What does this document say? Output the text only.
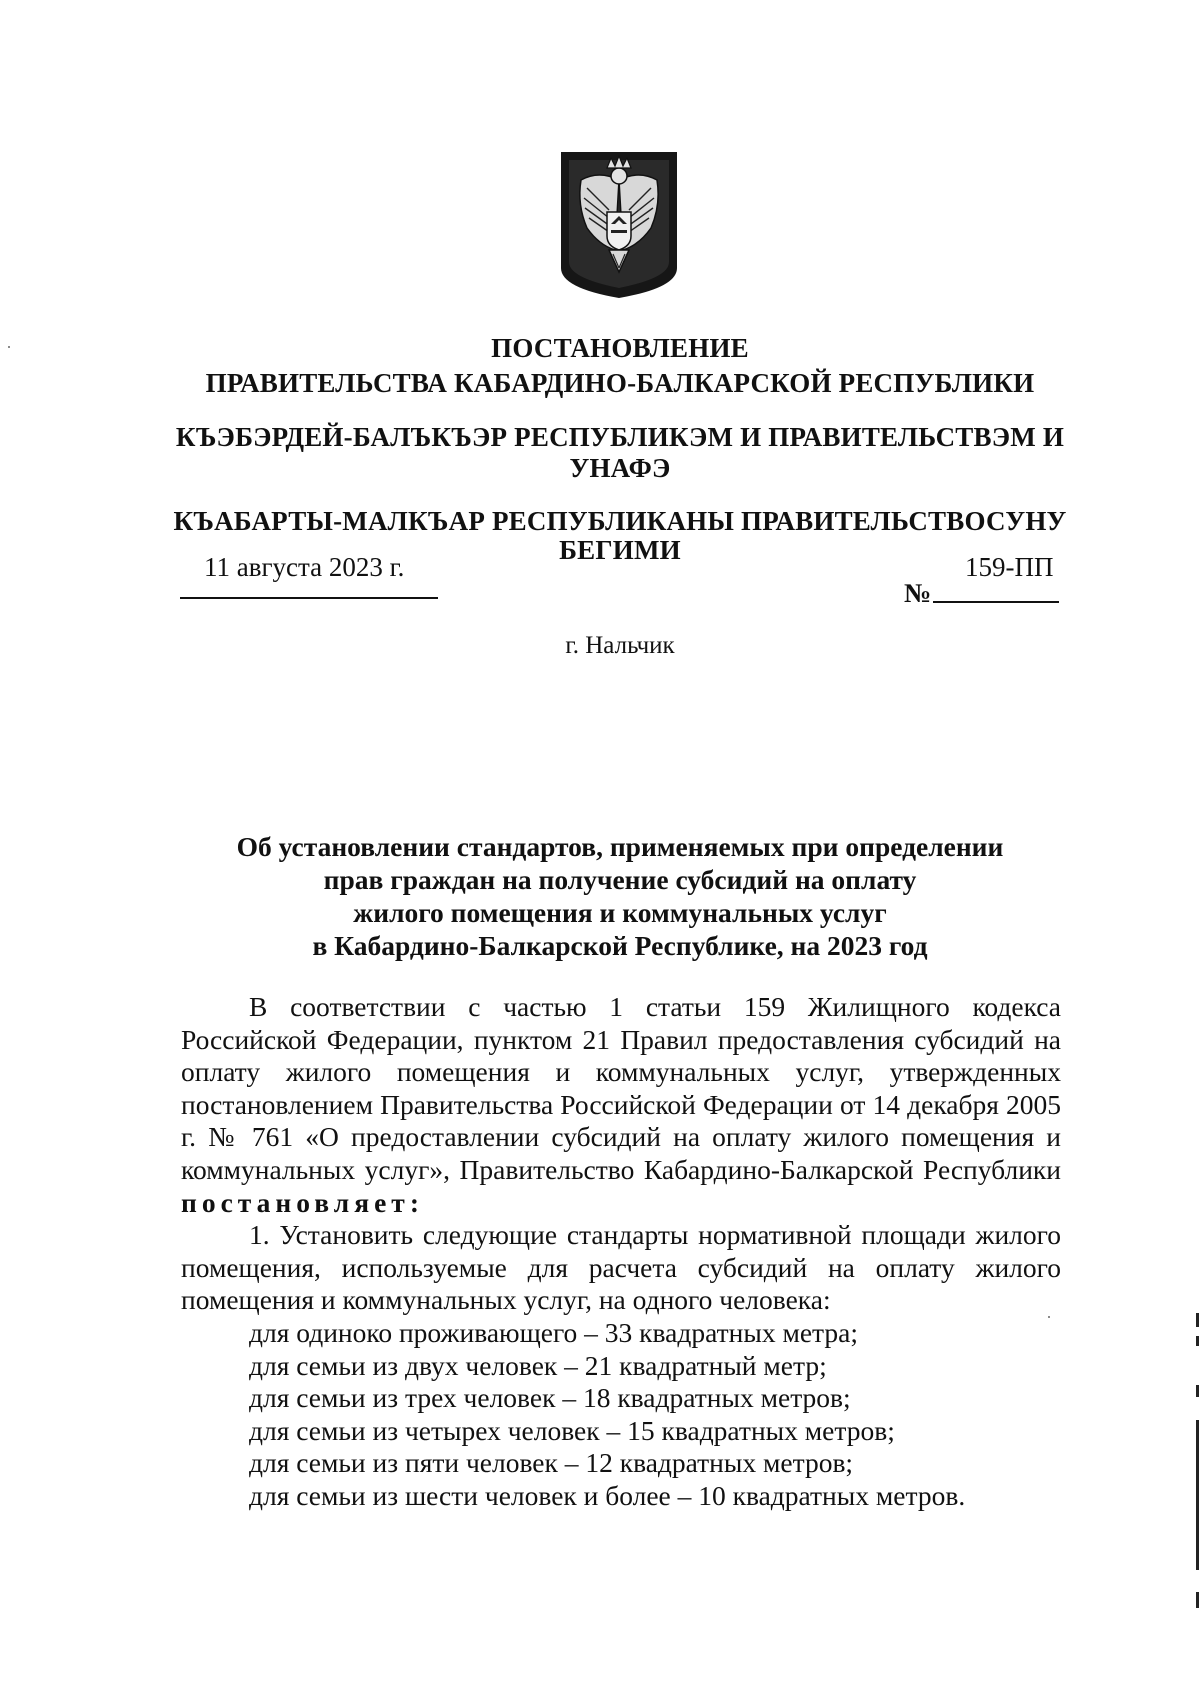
ПОСТАНОВЛЕНИЕ
ПРАВИТЕЛЬСТВА КАБАРДИНО-БАЛКАРСКОЙ РЕСПУБЛИКИ
КЪЭБЭРДЕЙ-БАЛЪКЪЭР РЕСПУБЛИКЭМ И ПРАВИТЕЛЬСТВЭМ И
УНАФЭ
КЪАБАРТЫ-МАЛКЪАР РЕСПУБЛИКАНЫ ПРАВИТЕЛЬСТВОСУНУ
БЕГИМИ
11 августа 2023 г.
№
159-ПП
г. Нальчик
Об установлении стандартов, применяемых при определении
прав граждан на получение субсидий на оплату
жилого помещения и коммунальных услуг
в Кабардино-Балкарской Республике, на 2023 год

В соответствии с частью 1 статьи 159 Жилищного кодекса Российской Федерации, пунктом 21 Правил предоставления субсидий на оплату жилого помещения и коммунальных услуг, утвержденных постановлением Правительства Российской Федерации от 14 декабря 2005 г. № 761 «О предоставлении субсидий на оплату жилого помещения и коммунальных услуг», Правительство Кабардино-Балкарской Республики постановляет:

1. Установить следующие стандарты нормативной площади жилого помещения, используемые для расчета субсидий на оплату жилого помещения и коммунальных услуг, на одного человека:

для одиноко проживающего – 33 квадратных метра;

для семьи из двух человек – 21 квадратный метр;

для семьи из трех человек – 18 квадратных метров;

для семьи из четырех человек – 15 квадратных метров;

для семьи из пяти человек – 12 квадратных метров;

для семьи из шести человек и более – 10 квадратных метров.
